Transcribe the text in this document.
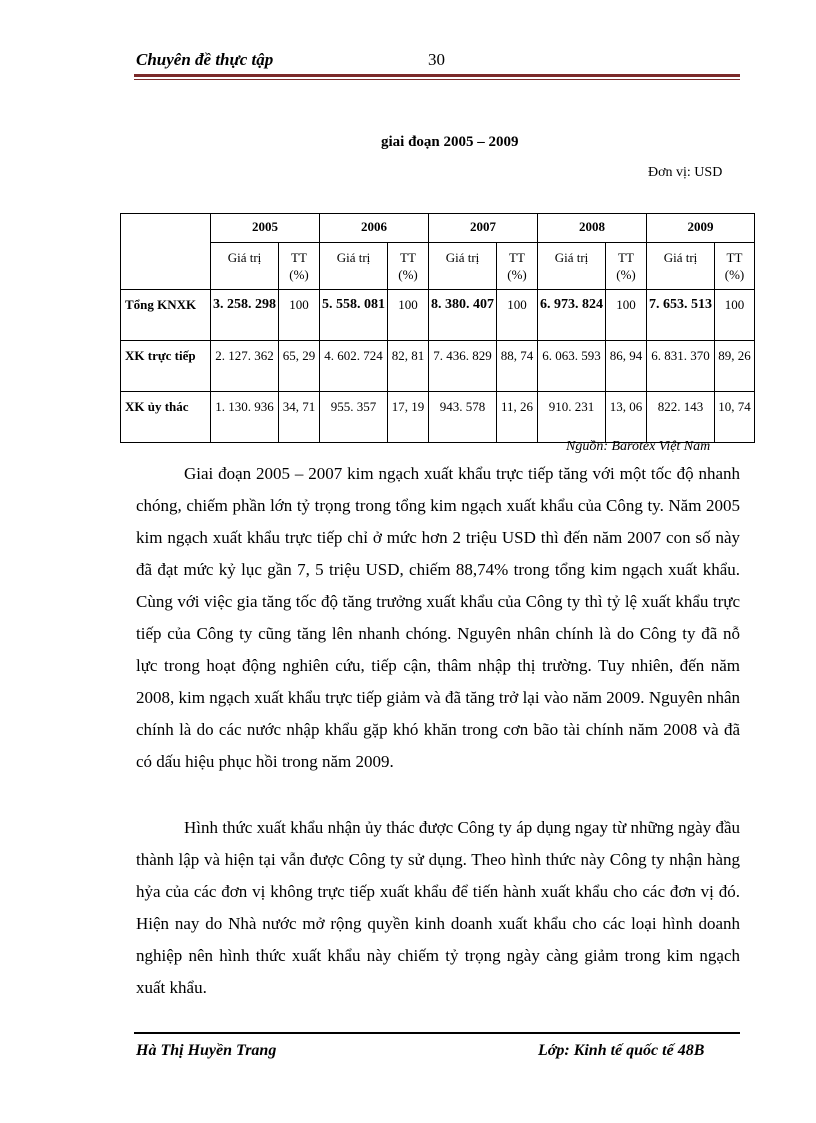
Chuyên đề thực tập	30
giai đoạn 2005 – 2009
Đơn vị: USD
	2005		2006		2007		2008		2009	
	Giá trị	TT (%)	Giá trị	TT (%)	Giá trị	TT (%)	Giá trị	TT (%)	Giá trị	TT (%)
Tổng KNXK	3. 258. 298	100	5. 558. 081	100	8. 380. 407	100	6. 973. 824	100	7. 653. 513	100
XK trực tiếp	2. 127. 362	65, 29	4. 602. 724	82, 81	7. 436. 829	88, 74	6. 063. 593	86, 94	6. 831. 370	89, 26
XK ủy thác	1. 130. 936	34, 71	955. 357	17, 19	943. 578	11, 26	910. 231	13, 06	822. 143	10, 74
Nguồn: Barotex Việt Nam

Giai đoạn 2005 – 2007 kim ngạch xuất khẩu trực tiếp tăng với một tốc độ nhanh chóng, chiếm phần lớn tỷ trọng trong tổng kim ngạch xuất khẩu của Công ty. Năm 2005 kim ngạch xuất khẩu trực tiếp chỉ ở mức hơn 2 triệu USD thì đến năm 2007 con số này đã đạt mức kỷ lục gần 7, 5 triệu USD, chiếm 88,74% trong tổng kim ngạch xuất khẩu. Cùng với việc gia tăng tốc độ tăng trưởng xuất khẩu của Công ty thì tỷ lệ xuất khẩu trực tiếp của Công ty cũng tăng lên nhanh chóng. Nguyên nhân chính là do Công ty đã nỗ lực trong hoạt động nghiên cứu, tiếp cận, thâm nhập thị trường. Tuy nhiên, đến năm 2008, kim ngạch xuất khẩu trực tiếp giảm và đã tăng trở lại vào năm 2009. Nguyên nhân chính là do các nước nhập khẩu gặp khó khăn trong cơn bão tài chính năm 2008 và đã có dấu hiệu phục hồi trong năm 2009.

Hình thức xuất khẩu nhận ủy thác được Công ty áp dụng ngay từ những ngày đầu thành lập và hiện tại vẫn được Công ty sử dụng. Theo hình thức này Công ty nhận hàng hỷa của các đơn vị không trực tiếp xuất khẩu để tiến hành xuất khẩu cho các đơn vị đó. Hiện nay do Nhà nước mở rộng quyền kinh doanh xuất khẩu cho các loại hình doanh nghiệp nên hình thức xuất khẩu này chiếm tỷ trọng ngày càng giảm trong kim ngạch xuất khẩu.

Hà Thị Huyền Trang	Lớp: Kinh tế quốc tế 48B
